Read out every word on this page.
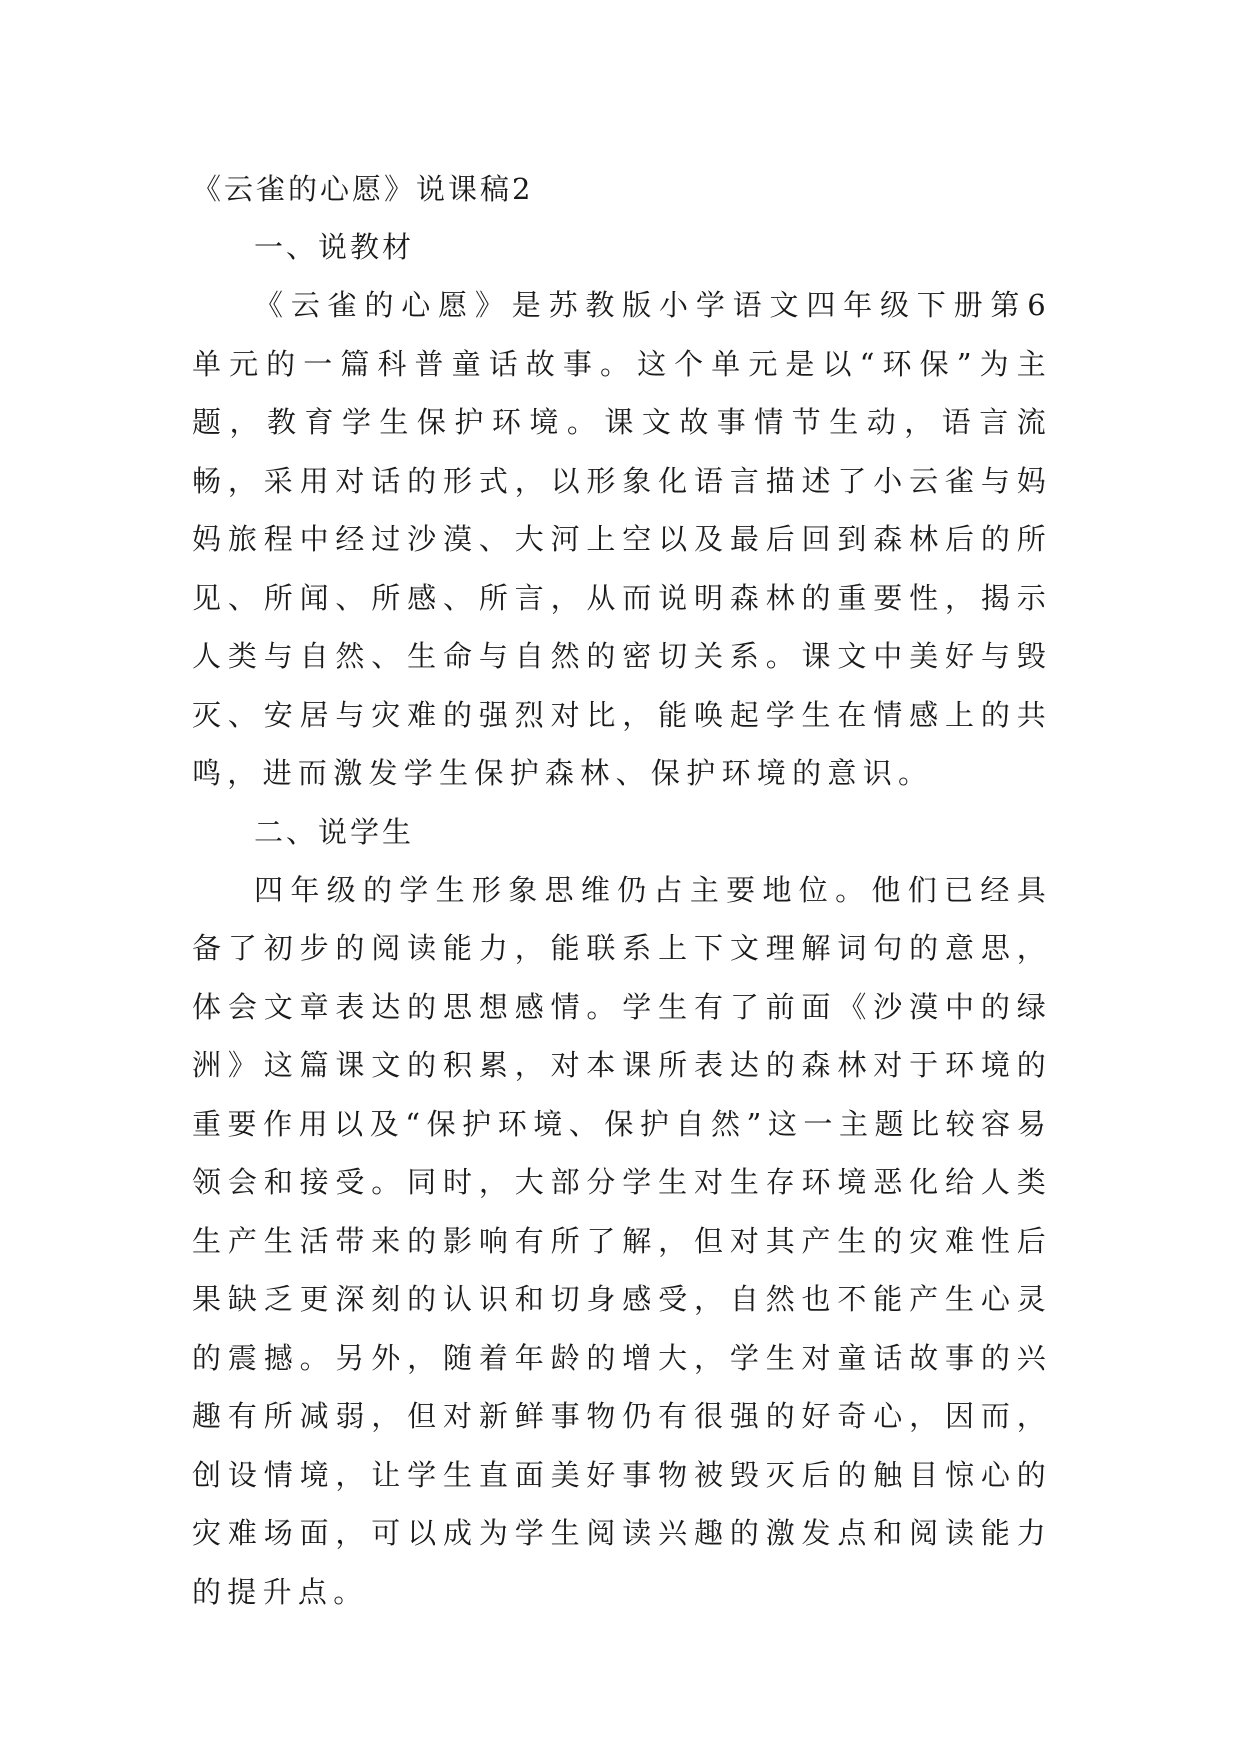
《云雀的心愿》说课稿2
一、说教材

《云雀的心愿》是苏教版小学语文四年级下册第6单元的一篇科普童话故事。这个单元是以“环保”为主题，教育学生保护环境。课文故事情节生动，语言流畅，采用对话的形式，以形象化语言描述了小云雀与妈妈旅程中经过沙漠、大河上空以及最后回到森林后的所见、所闻、所感、所言，从而说明森林的重要性，揭示人类与自然、生命与自然的密切关系。课文中美好与毁灭、安居与灾难的强烈对比，能唤起学生在情感上的共鸣，进而激发学生保护森林、保护环境的意识。

二、说学生

四年级的学生形象思维仍占主要地位。他们已经具备了初步的阅读能力，能联系上下文理解词句的意思，体会文章表达的思想感情。学生有了前面《沙漠中的绿洲》这篇课文的积累，对本课所表达的森林对于环境的重要作用以及“保护环境、保护自然”这一主题比较容易领会和接受。同时，大部分学生对生存环境恶化给人类生产生活带来的影响有所了解，但对其产生的灾难性后果缺乏更深刻的认识和切身感受，自然也不能产生心灵的震撼。另外，随着年龄的增大，学生对童话故事的兴趣有所减弱，但对新鲜事物仍有很强的好奇心，因而，创设情境，让学生直面美好事物被毁灭后的触目惊心的灾难场面，可以成为学生阅读兴趣的激发点和阅读能力的提升点。
